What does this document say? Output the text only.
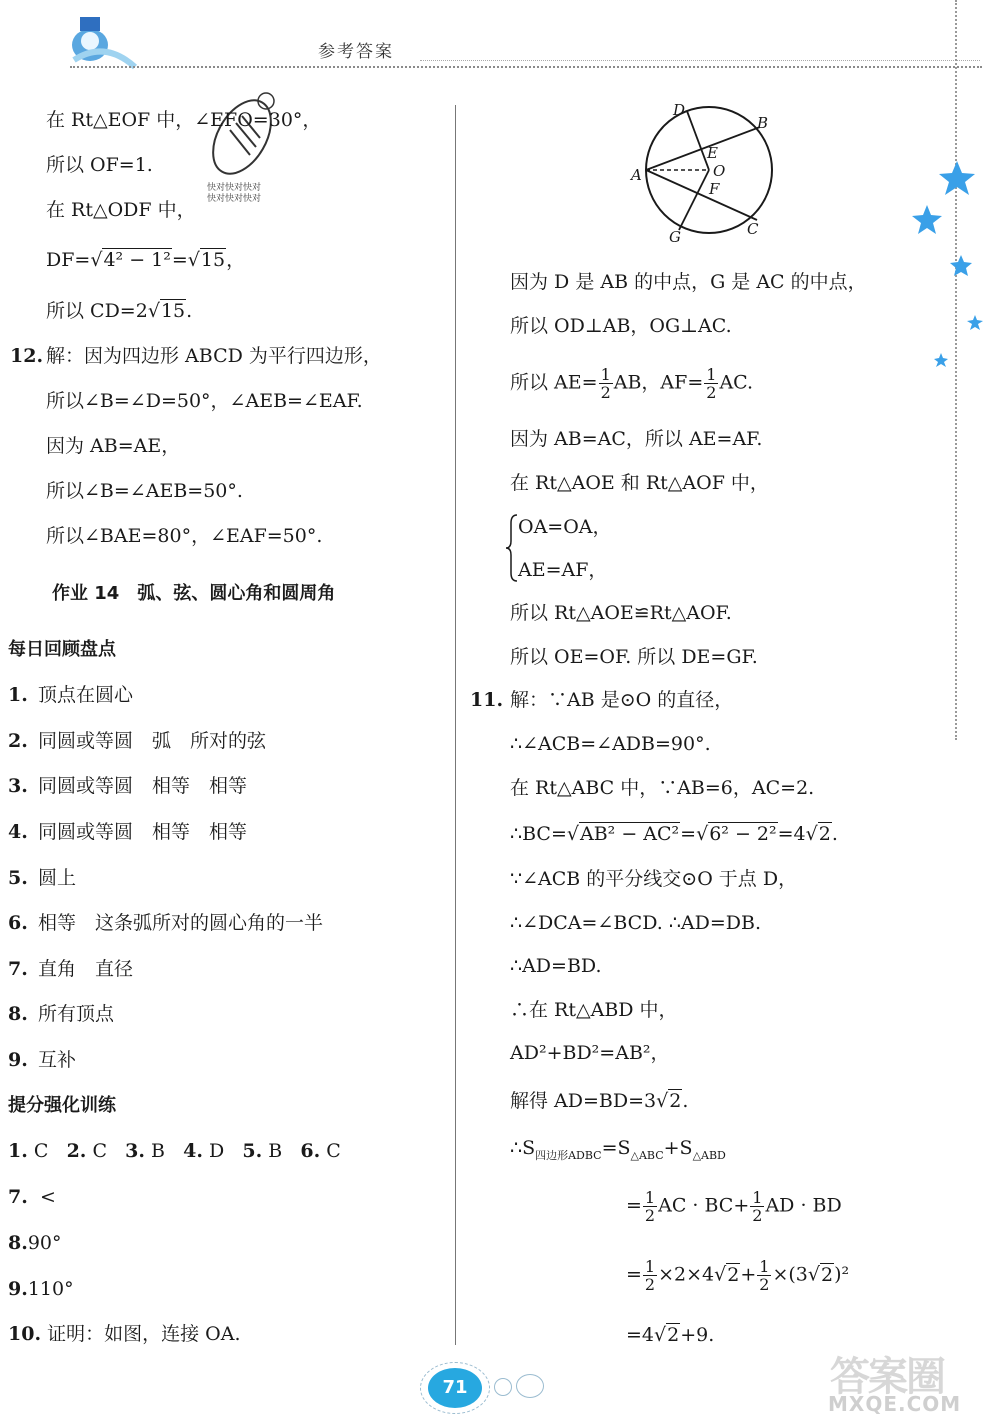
参考答案
快对快对快对
快对快对快对
在 Rt△EOF 中，∠EFO=30°，
所以 OF=1.
在 Rt△ODF 中，
DF=√4² − 1²=√15，
所以 CD=2√15.
12. 解：因为四边形 ABCD 为平行四边形，
所以∠B=∠D=50°，∠AEB=∠EAF.
因为 AB=AE，
所以∠B=∠AEB=50°.
所以∠BAE=80°，∠EAF=50°.
作业 14　弧、弦、圆心角和圆周角
每日回顾盘点
1. 顶点在圆心
2. 同圆或等圆　弧　所对的弦
3. 同圆或等圆　相等　相等
4. 同圆或等圆　相等　相等
5. 圆上
6. 相等　这条弧所对的圆心角的一半
7. 直角　直径
8. 所有顶点
9. 互补
提分强化训练
1. C 2. C 3. B 4. D 5. B 6. C
7. <
8.90°
9.110°
10. 证明：如图，连接 OA.
D
B
E
O
A
F
G	C
因为 D 是 AB 的中点，G 是 AC 的中点，
所以 OD⊥AB，OG⊥AC.
所以 $AE= \frac{1}{2}$ AB，$AF= \frac{1}{2}$ AC.
因为 AB=AC，所以 AE=AF.
在 Rt△AOE 和 Rt△AOF 中，
OA=OA，
AE=AF，
所以 Rt△AOE≌Rt△AOF.
所以 OE=OF. 所以 DE=GF.
11. 解：∵AB 是⊙O 的直径，
∴∠ACB=∠ADB=90°.
在 Rt△ABC 中，∵AB=6，AC=2.
∴BC=√AB² − AC²=√6² − 2²=4√2.
∵∠ACB 的平分线交⊙O 于点 D，
∴∠DCA=∠BCD. ∴AD=DB.
∴AD=BD.
∴在 Rt△ABD 中，
AD²+BD²=AB²，
解得 AD=BD=3√2.
$\therefore S_{四边形ADBC}=S_{\triangle ABC}+S_{\triangle ABD}$
= $\frac{1}{2}$ AC · $BC+ \frac{1}{2}$ AD · BD
= $\frac{1}{2} \times 2\times 4√2+ \frac{1}{2} \times(3√2)^2$
=4√2+9.
71	答案圈
MXQE.COM
